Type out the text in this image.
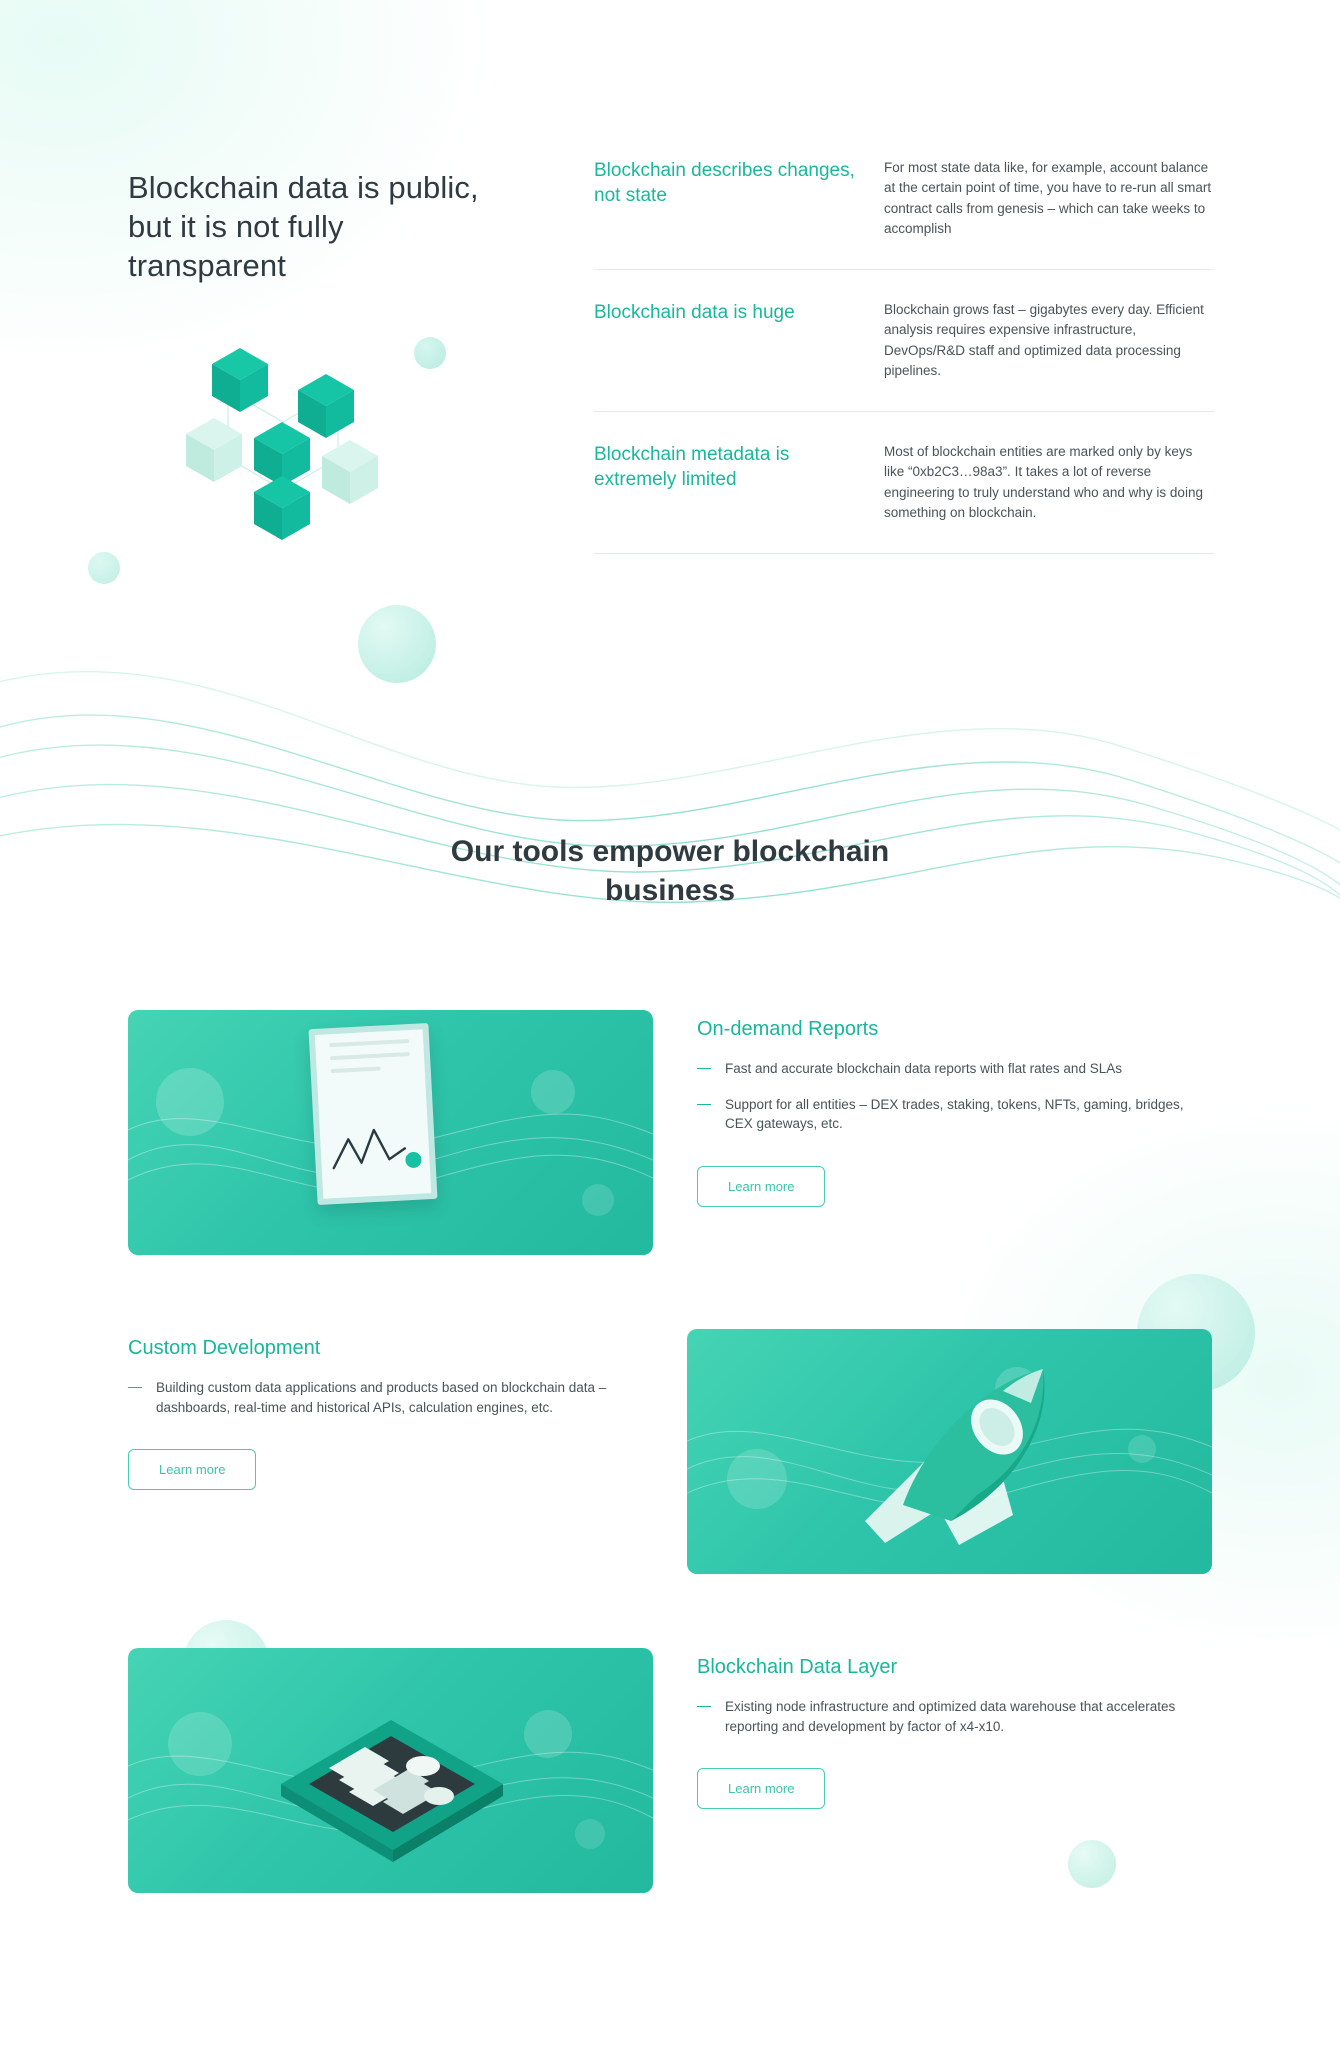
Blockchain data is public, but it is not fully transparent
Blockchain describes changes, not state
For most state data like, for example, account balance at the certain point of time, you have to re-run all smart contract calls from genesis – which can take weeks to accomplish
Blockchain data is huge	Blockchain grows fast – gigabytes every day. Efficient analysis requires expensive infrastructure, DevOps/R&D staff and optimized data processing pipelines.
Blockchain metadata is extremely limited
Most of blockchain entities are marked only by keys like “0xb2C3…98a3”. It takes a lot of reverse engineering to truly understand who and why is doing something on blockchain.
Our tools empower blockchain
business
On-demand Reports
Fast and accurate blockchain data reports with flat rates and SLAs
Support for all entities – DEX trades, staking, tokens, NFTs, gaming, bridges, CEX gateways, etc.
Learn more
Custom Development
Building custom data applications and products based on blockchain data – dashboards, real-time and historical APIs, calculation engines, etc.
Learn more
Blockchain Data Layer
Existing node infrastructure and optimized data warehouse that accelerates reporting and development by factor of x4-x10.
Learn more
